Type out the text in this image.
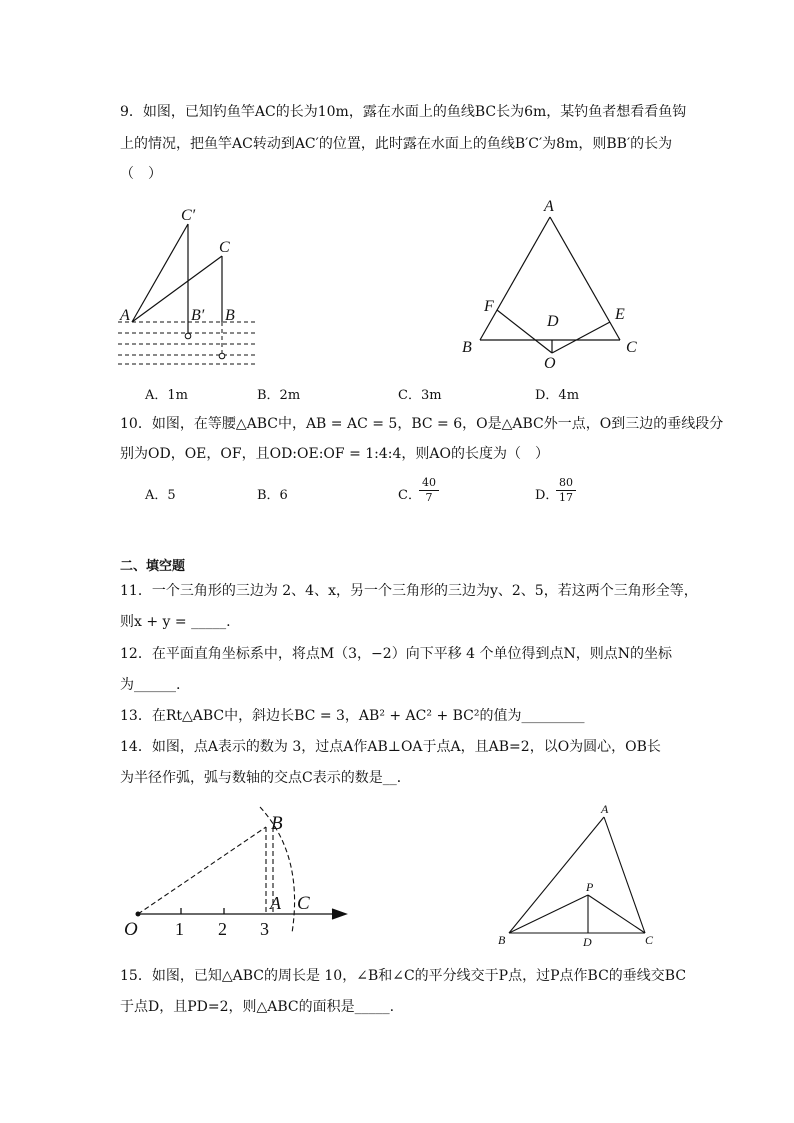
9．如图，已知钓鱼竿AC的长为10m，露在水面上的鱼线BC长为6m，某钓鱼者想看看鱼钩
上的情况，把鱼竿AC转动到AC′的位置，此时露在水面上的鱼线B′C′为8m，则BB′的长为
（　）
C′
C
A	B′ B
A
F
D	E
B
O
C
A．1m	B．2m	C．3m	D．4m
10．如图，在等腰△ABC中，AB = AC = 5，BC = 6，O是△ABC外一点，O到三边的垂线段分
别为OD，OE，OF，且OD:OE:OF = 1:4:4，则AO的长度为（　）
A．5	B．6	C．
$\frac{40}{7}$	D．
$\frac{80}{17}$
二、填空题
11．一个三角形的三边为 2、4、x，另一个三角形的三边为y、2、5，若这两个三角形全等，
则x + y = _____.
12．在平面直角坐标系中，将点M（3，−2）向下平移 4 个单位得到点N，则点N的坐标
为______.
13．在Rt△ABC中，斜边长BC = 3，AB² + AC² + BC²的值为_________
14．如图，点A表示的数为 3，过点A作AB⊥OA于点A，且AB=2，以O为圆心，OB长
为半径作弧，弧与数轴的交点C表示的数是__．
B
O 1 2 3
A C
A
P
B	D	C
15．如图，已知△ABC的周长是 10，∠B和∠C的平分线交于P点，过P点作BC的垂线交BC
于点D，且PD=2，则△ABC的面积是_____.
